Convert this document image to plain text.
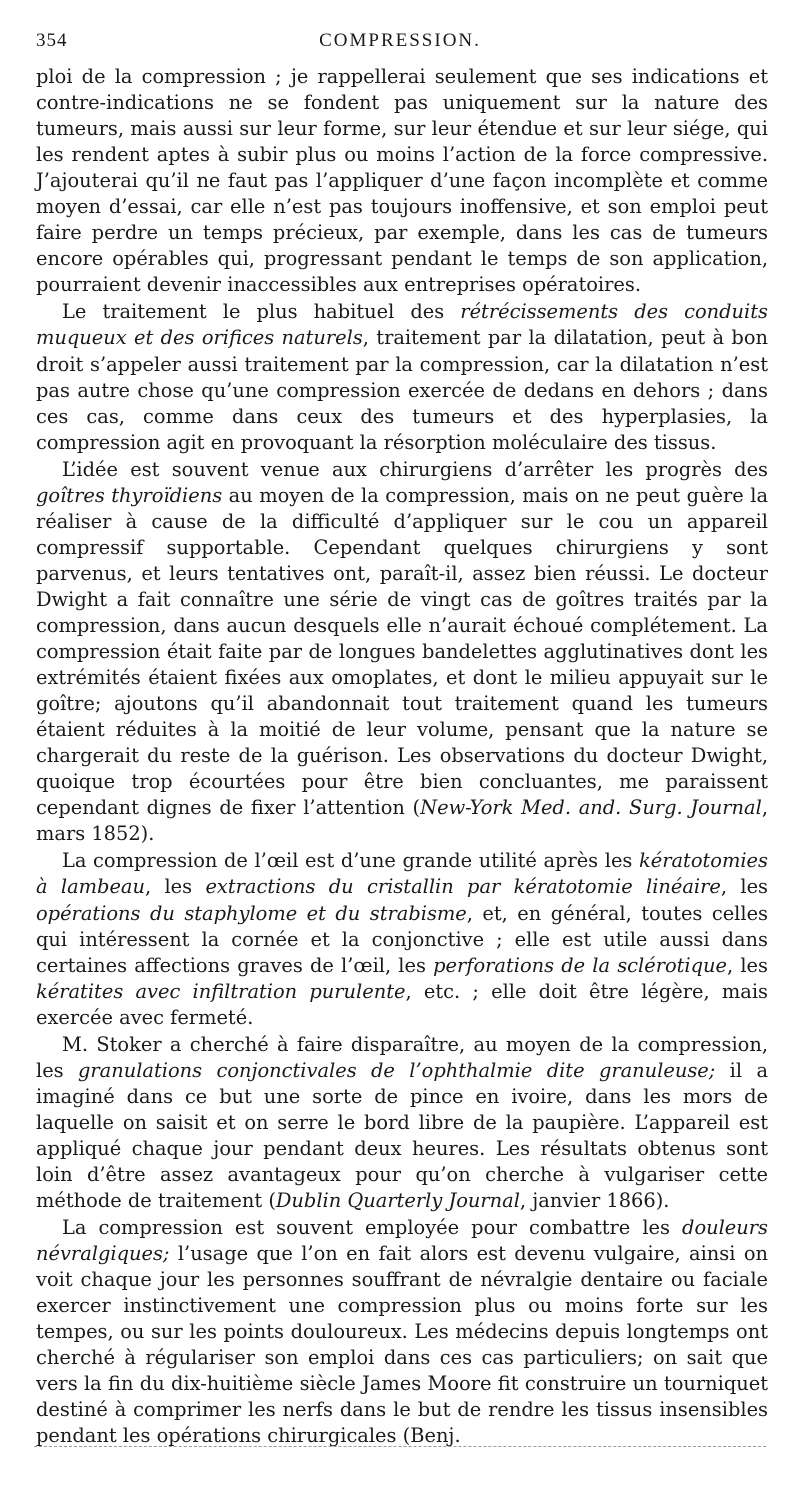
354	COMPRESSION.

ploi de la compression ; je rappellerai seulement que ses indications et contre-indications ne se fondent pas uniquement sur la nature des tumeurs, mais aussi sur leur forme, sur leur étendue et sur leur siége, qui les rendent aptes à subir plus ou moins l’action de la force compressive. J’ajouterai qu’il ne faut pas l’appliquer d’une façon incomplète et comme moyen d’essai, car elle n’est pas toujours inoffensive, et son emploi peut faire perdre un temps précieux, par exemple, dans les cas de tumeurs encore opérables qui, progressant pendant le temps de son application, pourraient devenir inaccessibles aux entreprises opératoires.

Le traitement le plus habituel des rétrécissements des conduits muqueux et des orifices naturels, traitement par la dilatation, peut à bon droit s’appeler aussi traitement par la compression, car la dilatation n’est pas autre chose qu’une compression exercée de dedans en dehors ; dans ces cas, comme dans ceux des tumeurs et des hyperplasies, la compression agit en provoquant la résorption moléculaire des tissus.

L’idée est souvent venue aux chirurgiens d’arrêter les progrès des goîtres thyroïdiens au moyen de la compression, mais on ne peut guère la réaliser à cause de la difficulté d’appliquer sur le cou un appareil compressif supportable. Cependant quelques chirurgiens y sont parvenus, et leurs tentatives ont, paraît-il, assez bien réussi. Le docteur Dwight a fait connaître une série de vingt cas de goîtres traités par la compression, dans aucun desquels elle n’aurait échoué complétement. La compression était faite par de longues bandelettes agglutinatives dont les extrémités étaient fixées aux omoplates, et dont le milieu appuyait sur le goître; ajoutons qu’il abandonnait tout traitement quand les tumeurs étaient réduites à la moitié de leur volume, pensant que la nature se chargerait du reste de la guérison. Les observations du docteur Dwight, quoique trop écourtées pour être bien concluantes, me paraissent cependant dignes de fixer l’attention (New-York Med. and. Surg. Journal, mars 1852).

La compression de l’œil est d’une grande utilité après les kératotomies à lambeau, les extractions du cristallin par kératotomie linéaire, les opérations du staphylome et du strabisme, et, en général, toutes celles qui intéressent la cornée et la conjonctive ; elle est utile aussi dans certaines affections graves de l’œil, les perforations de la sclérotique, les kératites avec infiltration purulente, etc. ; elle doit être légère, mais exercée avec fermeté.

M. Stoker a cherché à faire disparaître, au moyen de la compression, les granulations conjonctivales de l’ophthalmie dite granuleuse; il a imaginé dans ce but une sorte de pince en ivoire, dans les mors de laquelle on saisit et on serre le bord libre de la paupière. L’appareil est appliqué chaque jour pendant deux heures. Les résultats obtenus sont loin d’être assez avantageux pour qu’on cherche à vulgariser cette méthode de traitement (Dublin Quarterly Journal, janvier 1866).

La compression est souvent employée pour combattre les douleurs névralgiques; l’usage que l’on en fait alors est devenu vulgaire, ainsi on voit chaque jour les personnes souffrant de névralgie dentaire ou faciale exercer instinctivement une compression plus ou moins forte sur les tempes, ou sur les points douloureux. Les médecins depuis longtemps ont cherché à régulariser son emploi dans ces cas particuliers; on sait que vers la fin du dix-huitième siècle James Moore fit construire un tourniquet destiné à comprimer les nerfs dans le but de rendre les tissus insensibles pendant les opérations chirurgicales (Benj.
